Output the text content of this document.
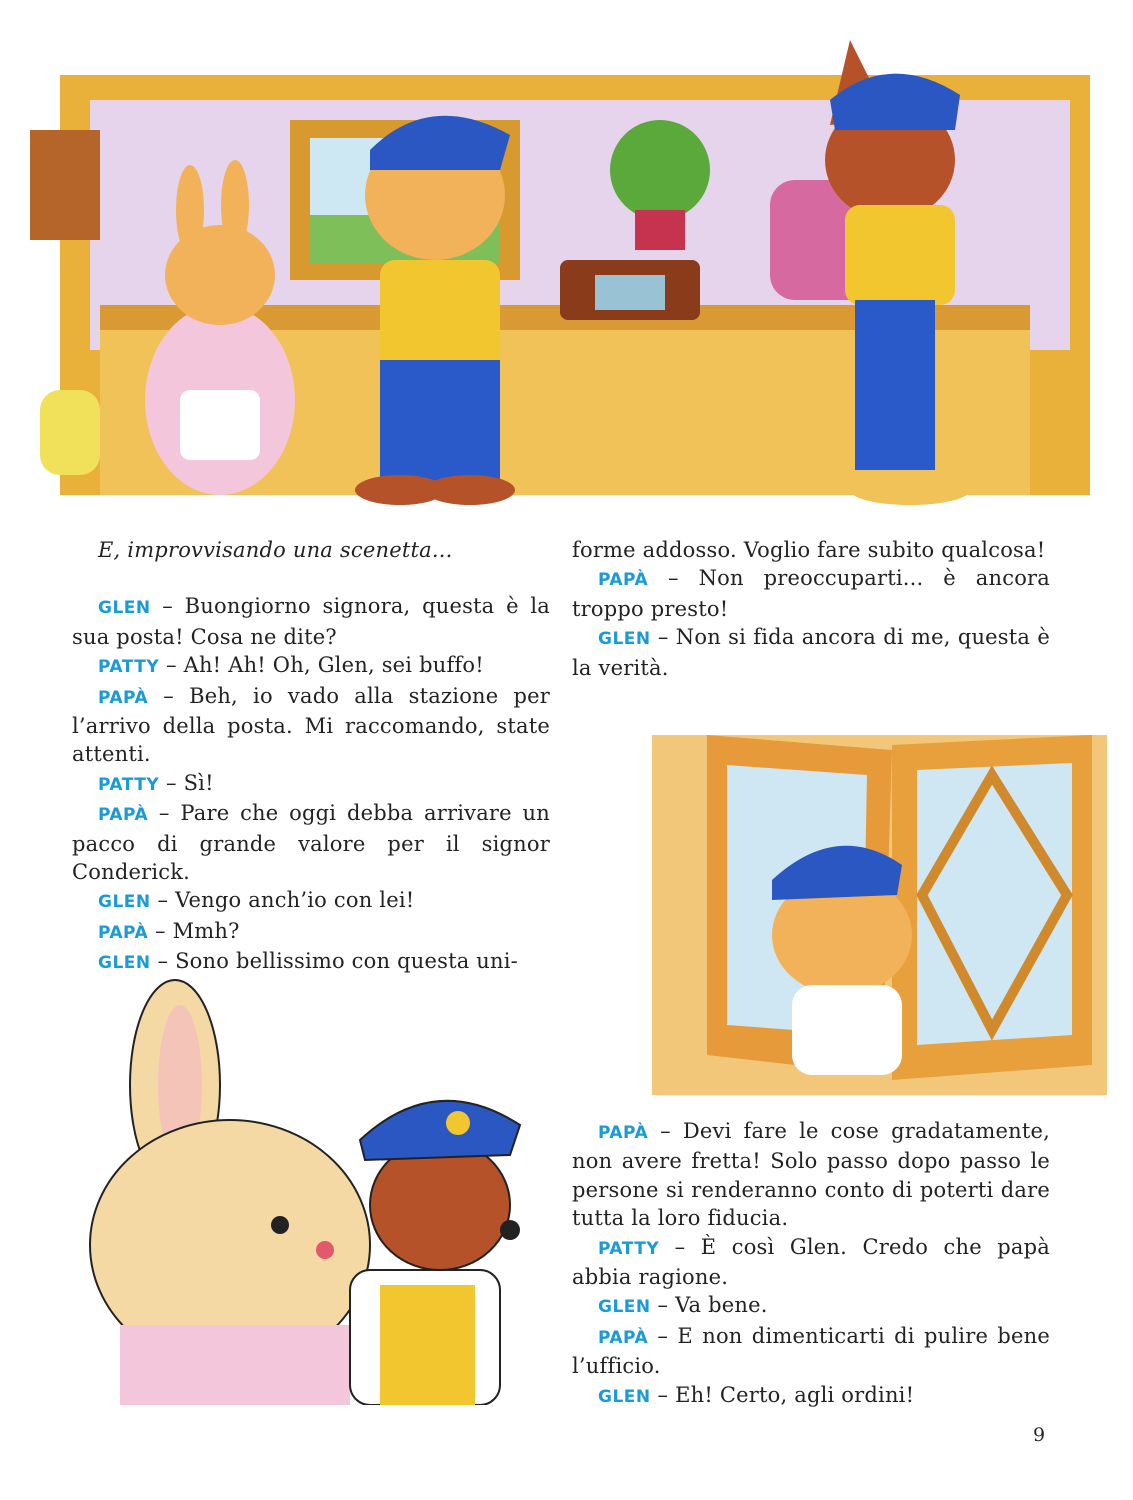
E, improvvisando una scenetta...

GLEN – Buongiorno signora, questa è la sua posta! Cosa ne dite?

PATTY – Ah! Ah! Oh, Glen, sei buffo!

PAPÀ – Beh, io vado alla stazione per l’arrivo della posta. Mi raccomando, state attenti.

PATTY – Sì!

PAPÀ – Pare che oggi debba arrivare un pacco di grande valore per il signor Conderick.

GLEN – Vengo anch’io con lei!

PAPÀ – Mmh?

GLEN – Sono bellissimo con questa uni-

forme addosso. Voglio fare subito qualcosa!

PAPÀ – Non preoccuparti... è ancora troppo presto!

GLEN – Non si fida ancora di me, questa è la verità.

PAPÀ – Devi fare le cose gradatamente, non avere fretta! Solo passo dopo passo le persone si renderanno conto di poterti dare tutta la loro fiducia.

PATTY – È così Glen. Credo che papà abbia ragione.

GLEN – Va bene.

PAPÀ – E non dimenticarti di pulire bene l’ufficio.

GLEN – Eh! Certo, agli ordini!

9
